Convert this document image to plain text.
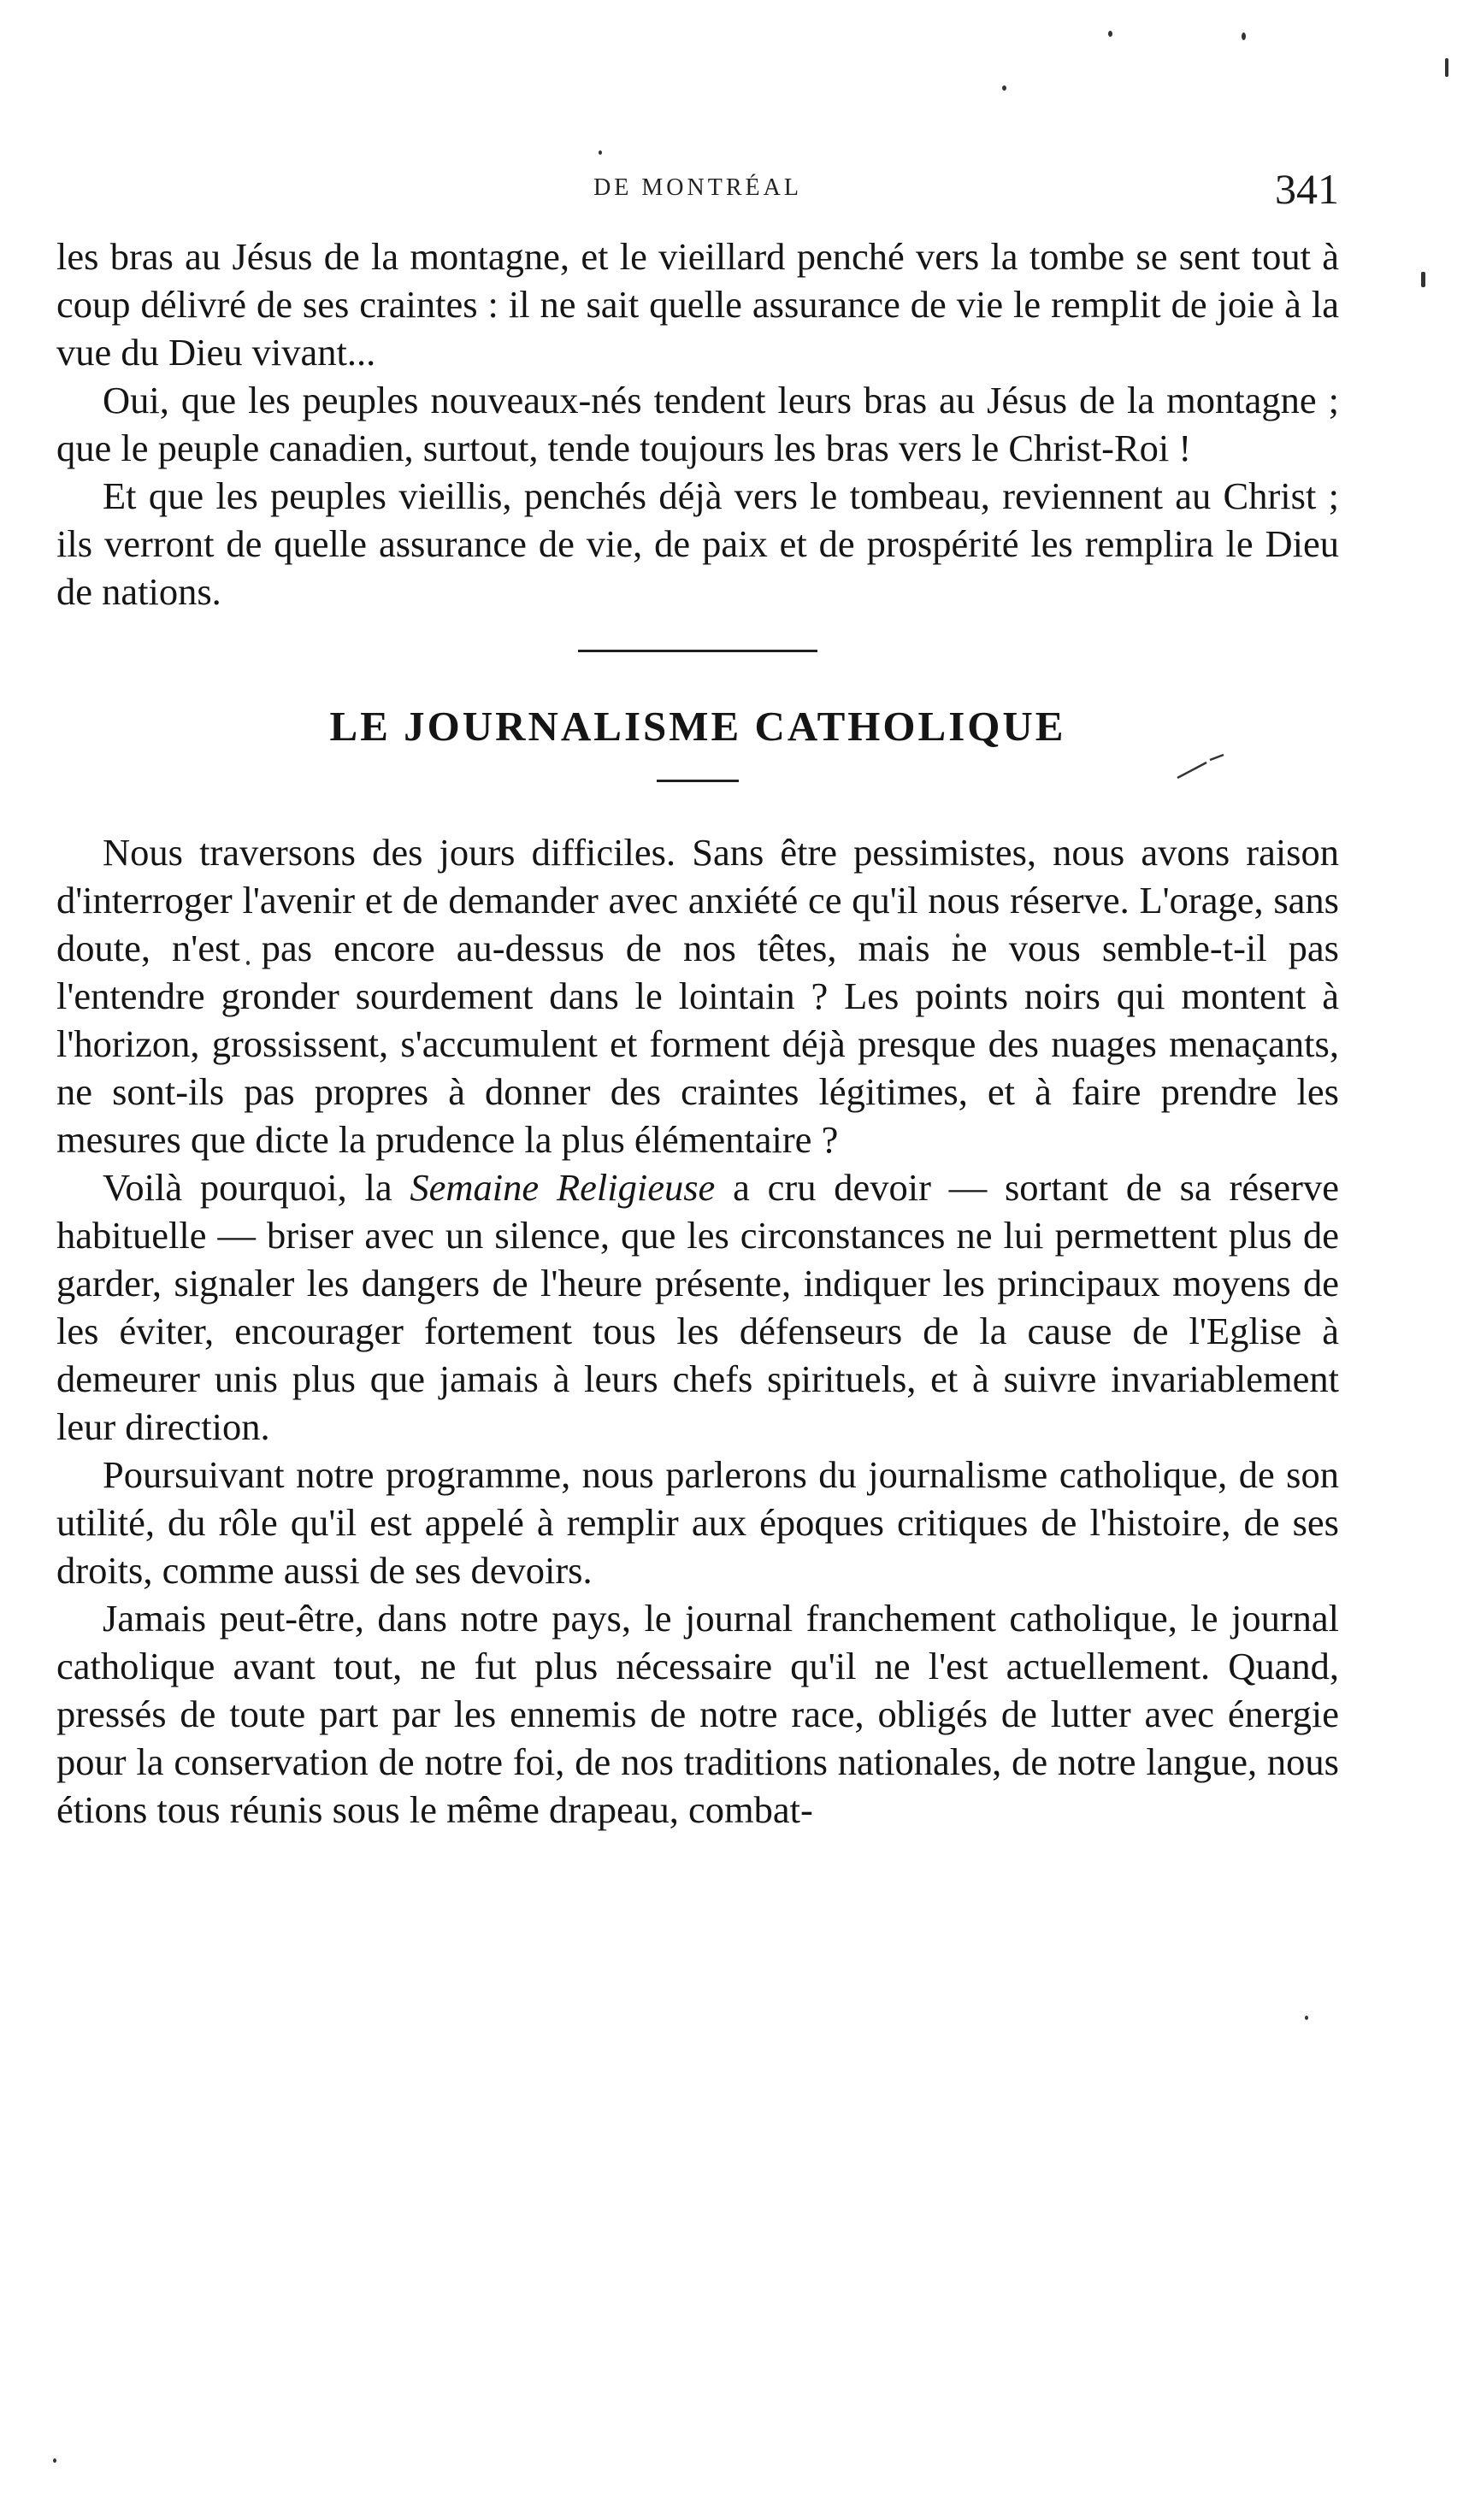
DE MONTRÉAL	341

les bras au Jésus de la montagne, et le vieillard penché vers la tombe se sent tout à coup délivré de ses craintes : il ne sait quelle assurance de vie le remplit de joie à la vue du Dieu vivant...

Oui, que les peuples nouveaux-nés tendent leurs bras au Jésus de la montagne ; que le peuple canadien, surtout, tende toujours les bras vers le Christ-Roi !

Et que les peuples vieillis, penchés déjà vers le tombeau, reviennent au Christ ; ils verront de quelle assurance de vie, de paix et de prospérité les remplira le Dieu de nations.

LE JOURNALISME CATHOLIQUE

Nous traversons des jours difficiles. Sans être pessimistes, nous avons raison d'interroger l'avenir et de demander avec anxiété ce qu'il nous réserve. L'orage, sans doute, n'est pas encore au-dessus de nos têtes, mais ne vous semble-t-il pas l'entendre gronder sourdement dans le lointain ? Les points noirs qui montent à l'horizon, grossissent, s'accumulent et forment déjà presque des nuages menaçants, ne sont-ils pas propres à donner des craintes légitimes, et à faire prendre les mesures que dicte la prudence la plus élémentaire ?

Voilà pourquoi, la Semaine Religieuse a cru devoir — sortant de sa réserve habituelle — briser avec un silence, que les circonstances ne lui permettent plus de garder, signaler les dangers de l'heure présente, indiquer les principaux moyens de les éviter, encourager fortement tous les défenseurs de la cause de l'Eglise à demeurer unis plus que jamais à leurs chefs spirituels, et à suivre invariablement leur direction.

Poursuivant notre programme, nous parlerons du journalisme catholique, de son utilité, du rôle qu'il est appelé à remplir aux époques critiques de l'histoire, de ses droits, comme aussi de ses devoirs.

Jamais peut-être, dans notre pays, le journal franchement catholique, le journal catholique avant tout, ne fut plus nécessaire qu'il ne l'est actuellement. Quand, pressés de toute part par les ennemis de notre race, obligés de lutter avec énergie pour la conservation de notre foi, de nos traditions nationales, de notre langue, nous étions tous réunis sous le même drapeau, combat-
